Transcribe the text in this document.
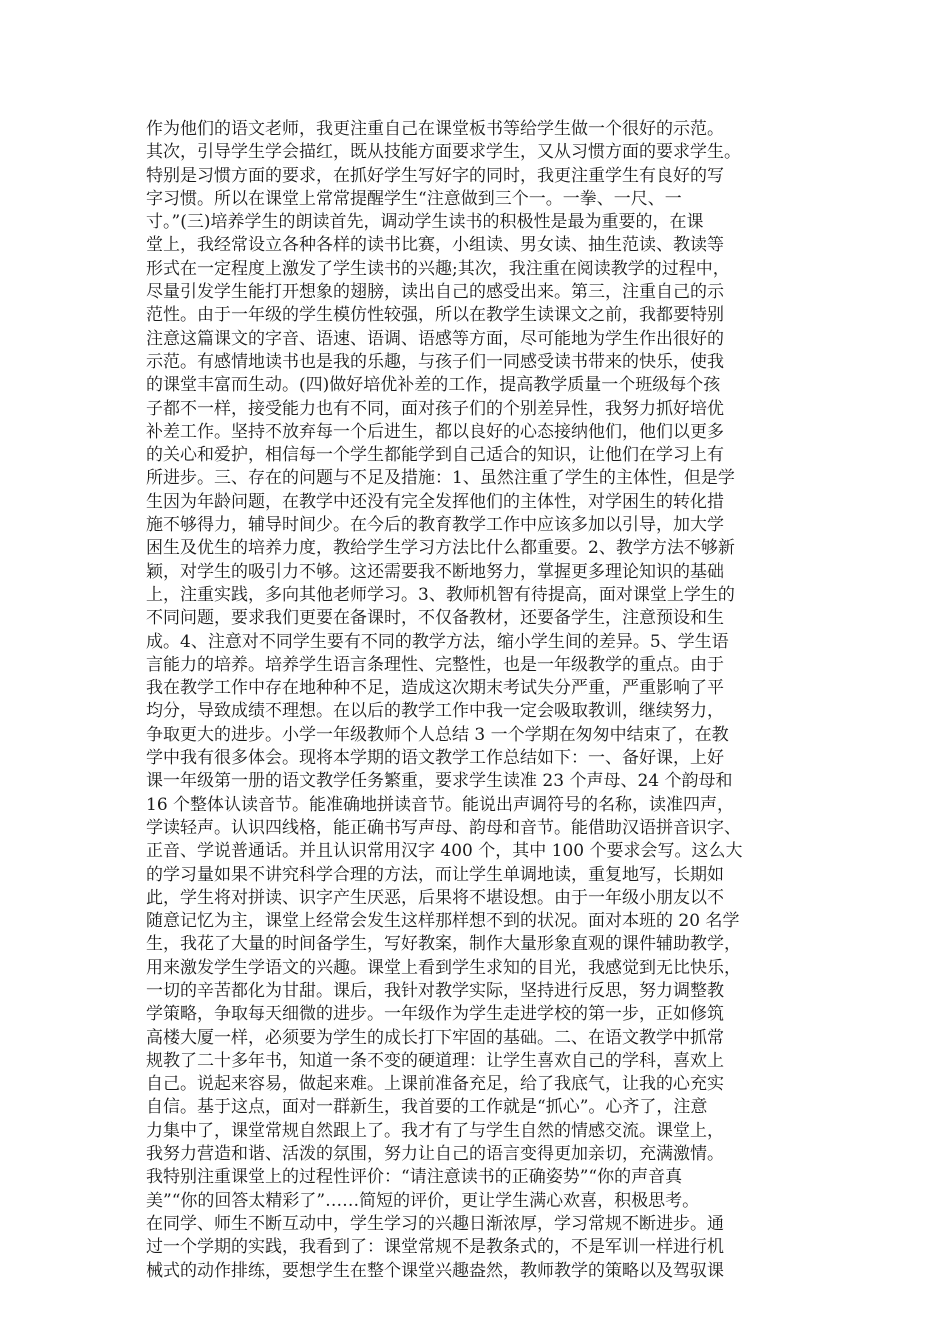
作为他们的语文老师，我更注重自己在课堂板书等给学生做一个很好的示范。
其次，引导学生学会描红，既从技能方面要求学生，又从习惯方面的要求学生。
特别是习惯方面的要求，在抓好学生写好字的同时，我更注重学生有良好的写
字习惯。所以在课堂上常常提醒学生“注意做到三个一。一拳、一尺、一
寸。”(三)培养学生的朗读首先，调动学生读书的积极性是最为重要的，在课
堂上，我经常设立各种各样的读书比赛，小组读、男女读、抽生范读、教读等
形式在一定程度上激发了学生读书的兴趣;其次，我注重在阅读教学的过程中，
尽量引发学生能打开想象的翅膀，读出自己的感受出来。第三，注重自己的示
范性。由于一年级的学生模仿性较强，所以在教学生读课文之前，我都要特别
注意这篇课文的字音、语速、语调、语感等方面，尽可能地为学生作出很好的
示范。有感情地读书也是我的乐趣，与孩子们一同感受读书带来的快乐，使我
的课堂丰富而生动。(四)做好培优补差的工作，提高教学质量一个班级每个孩
子都不一样，接受能力也有不同，面对孩子们的个别差异性，我努力抓好培优
补差工作。坚持不放弃每一个后进生，都以良好的心态接纳他们，他们以更多
的关心和爱护，相信每一个学生都能学到自己适合的知识，让他们在学习上有
所进步。三、存在的问题与不足及措施：1、虽然注重了学生的主体性，但是学
生因为年龄问题，在教学中还没有完全发挥他们的主体性，对学困生的转化措
施不够得力，辅导时间少。在今后的教育教学工作中应该多加以引导，加大学
困生及优生的培养力度，教给学生学习方法比什么都重要。2、教学方法不够新
颖，对学生的吸引力不够。这还需要我不断地努力，掌握更多理论知识的基础
上，注重实践，多向其他老师学习。3、教师机智有待提高，面对课堂上学生的
不同问题，要求我们更要在备课时，不仅备教材，还要备学生，注意预设和生
成。4、注意对不同学生要有不同的教学方法，缩小学生间的差异。5、学生语
言能力的培养。培养学生语言条理性、完整性，也是一年级教学的重点。由于
我在教学工作中存在地种种不足，造成这次期末考试失分严重，严重影响了平
均分，导致成绩不理想。在以后的教学工作中我一定会吸取教训，继续努力，
争取更大的进步。小学一年级教师个人总结 3 一个学期在匆匆中结束了，在教
学中我有很多体会。现将本学期的语文教学工作总结如下：一、备好课，上好
课一年级第一册的语文教学任务繁重，要求学生读准 23 个声母、24 个韵母和
16 个整体认读音节。能准确地拼读音节。能说出声调符号的名称，读准四声，
学读轻声。认识四线格，能正确书写声母、韵母和音节。能借助汉语拼音识字、
正音、学说普通话。并且认识常用汉字 400 个，其中 100 个要求会写。这么大
的学习量如果不讲究科学合理的方法，而让学生单调地读，重复地写，长期如
此，学生将对拼读、识字产生厌恶，后果将不堪设想。由于一年级小朋友以不
随意记忆为主，课堂上经常会发生这样那样想不到的状况。面对本班的 20 名学
生，我花了大量的时间备学生，写好教案，制作大量形象直观的课件辅助教学，
用来激发学生学语文的兴趣。课堂上看到学生求知的目光，我感觉到无比快乐，
一切的辛苦都化为甘甜。课后，我针对教学实际，坚持进行反思，努力调整教
学策略，争取每天细微的进步。一年级作为学生走进学校的第一步，正如修筑
高楼大厦一样，必须要为学生的成长打下牢固的基础。二、在语文教学中抓常
规教了二十多年书，知道一条不变的硬道理：让学生喜欢自己的学科，喜欢上
自己。说起来容易，做起来难。上课前准备充足，给了我底气，让我的心充实
自信。基于这点，面对一群新生，我首要的工作就是“抓心”。心齐了，注意
力集中了，课堂常规自然跟上了。我才有了与学生自然的情感交流。课堂上，
我努力营造和谐、活泼的氛围，努力让自己的语言变得更加亲切，充满激情。
我特别注重课堂上的过程性评价：“请注意读书的正确姿势”“你的声音真
美”“你的回答太精彩了”……简短的评价，更让学生满心欢喜，积极思考。
在同学、师生不断互动中，学生学习的兴趣日渐浓厚，学习常规不断进步。通
过一个学期的实践，我看到了：课堂常规不是教条式的，不是军训一样进行机
械式的动作排练，要想学生在整个课堂兴趣盎然，教师教学的策略以及驾驭课
